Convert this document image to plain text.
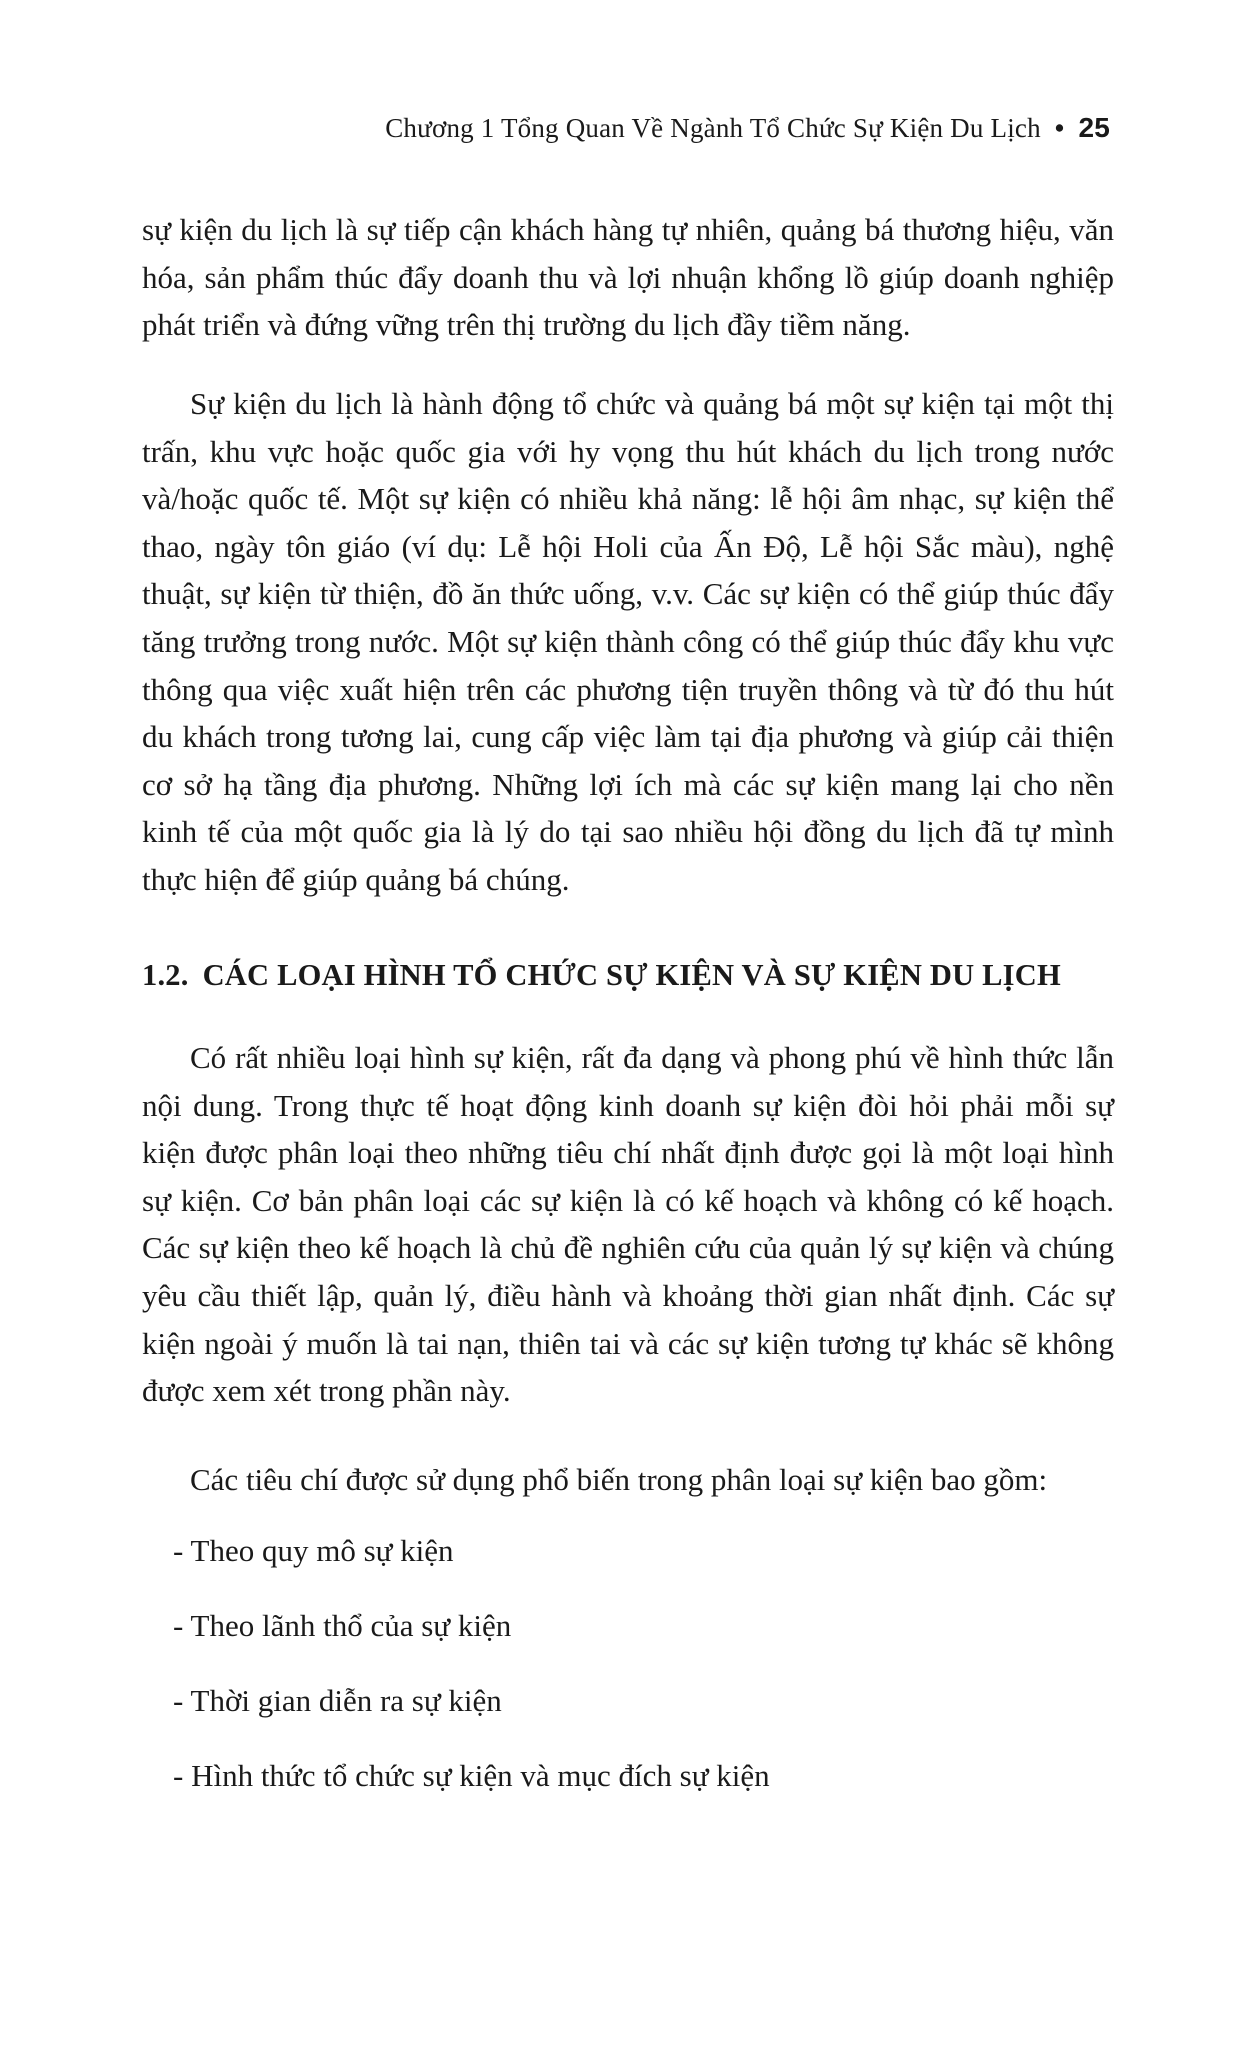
Chương 1 Tổng Quan Về Ngành Tổ Chức Sự Kiện Du Lịch • 25

sự kiện du lịch là sự tiếp cận khách hàng tự nhiên, quảng bá thương hiệu, văn hóa, sản phẩm thúc đẩy doanh thu và lợi nhuận khổng lồ giúp doanh nghiệp phát triển và đứng vững trên thị trường du lịch đầy tiềm năng.

Sự kiện du lịch là hành động tổ chức và quảng bá một sự kiện tại một thị trấn, khu vực hoặc quốc gia với hy vọng thu hút khách du lịch trong nước và/hoặc quốc tế. Một sự kiện có nhiều khả năng: lễ hội âm nhạc, sự kiện thể thao, ngày tôn giáo (ví dụ: Lễ hội Holi của Ấn Độ, Lễ hội Sắc màu), nghệ thuật, sự kiện từ thiện, đồ ăn thức uống, v.v. Các sự kiện có thể giúp thúc đẩy tăng trưởng trong nước. Một sự kiện thành công có thể giúp thúc đẩy khu vực thông qua việc xuất hiện trên các phương tiện truyền thông và từ đó thu hút du khách trong tương lai, cung cấp việc làm tại địa phương và giúp cải thiện cơ sở hạ tầng địa phương. Những lợi ích mà các sự kiện mang lại cho nền kinh tế của một quốc gia là lý do tại sao nhiều hội đồng du lịch đã tự mình thực hiện để giúp quảng bá chúng.

1.2. CÁC LOẠI HÌNH TỔ CHỨC SỰ KIỆN VÀ SỰ KIỆN DU LỊCH

Có rất nhiều loại hình sự kiện, rất đa dạng và phong phú về hình thức lẫn nội dung. Trong thực tế hoạt động kinh doanh sự kiện đòi hỏi phải mỗi sự kiện được phân loại theo những tiêu chí nhất định được gọi là một loại hình sự kiện. Cơ bản phân loại các sự kiện là có kế hoạch và không có kế hoạch. Các sự kiện theo kế hoạch là chủ đề nghiên cứu của quản lý sự kiện và chúng yêu cầu thiết lập, quản lý, điều hành và khoảng thời gian nhất định. Các sự kiện ngoài ý muốn là tai nạn, thiên tai và các sự kiện tương tự khác sẽ không được xem xét trong phần này.

Các tiêu chí được sử dụng phổ biến trong phân loại sự kiện bao gồm:

- Theo quy mô sự kiện

- Theo lãnh thổ của sự kiện

- Thời gian diễn ra sự kiện

- Hình thức tổ chức sự kiện và mục đích sự kiện
